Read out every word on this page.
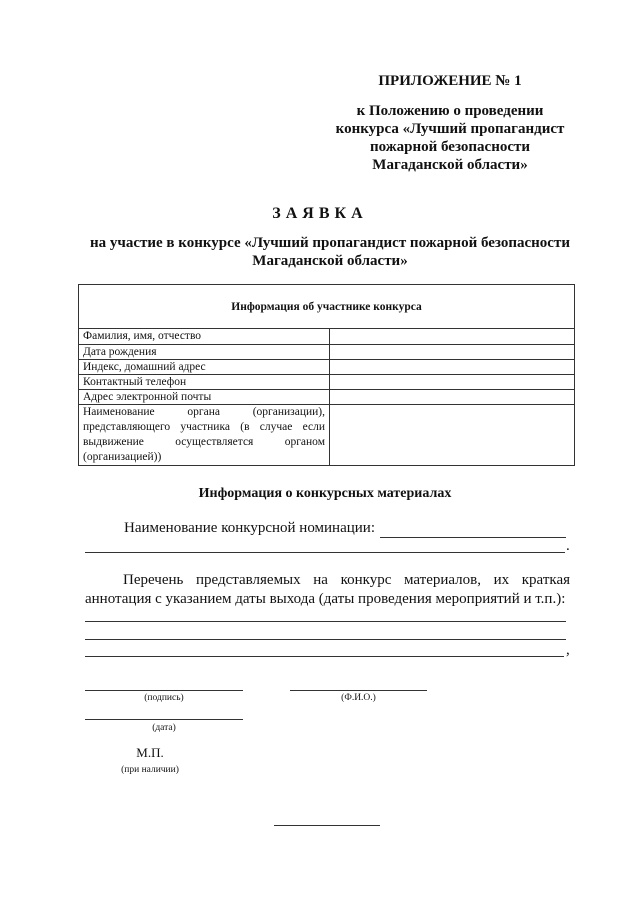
ПРИЛОЖЕНИЕ № 1
к Положению о проведении
конкурса «Лучший пропагандист
пожарной безопасности
Магаданской области»
ЗАЯВКА
на участие в конкурсе «Лучший пропагандист пожарной безопасности
Магаданской области»
Информация об участнике конкурса
Фамилия, имя, отчество
Дата рождения
Индекс, домашний адрес
Контактный телефон
Адрес электронной почты
Наименование органа (организации), представляющего участника (в случае если выдвижение осуществляется органом (организацией))
Информация о конкурсных материалах
Наименование конкурсной номинации:
.
Перечень представляемых на конкурс материалов, их краткая аннотация с указанием даты выхода (даты проведения мероприятий и т.п.):
,
(подпись)	(Ф.И.О.)
(дата)
М.П.
(при наличии)
